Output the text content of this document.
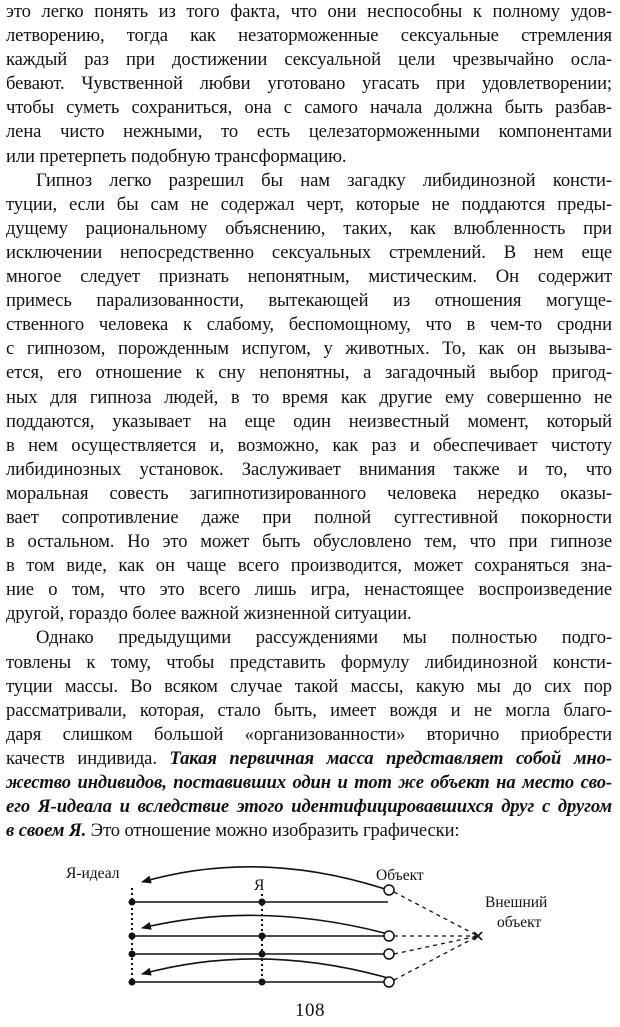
это легко понять из того факта, что они неспособны к полному удов-
летворению, тогда как незаторможенные сексуальные стремления
каждый раз при достижении сексуальной цели чрезвычайно осла-
бевают. Чувственной любви уготовано угасать при удовлетворении;
чтобы суметь сохраниться, она с самого начала должна быть разбав-
лена чисто нежными, то есть целезаторможенными компонентами
или претерпеть подобную трансформацию.

Гипноз легко разрешил бы нам загадку либидинозной консти-
туции, если бы сам не содержал черт, которые не поддаются преды-
дущему рациональному объяснению, таких, как влюбленность при
исключении непосредственно сексуальных стремлений. В нем еще
многое следует признать непонятным, мистическим. Он содержит
примесь парализованности, вытекающей из отношения могуще-
ственного человека к слабому, беспомощному, что в чем-то сродни
с гипнозом, порожденным испугом, у животных. То, как он вызыва-
ется, его отношение к сну непонятны, а загадочный выбор пригод-
ных для гипноза людей, в то время как другие ему совершенно не
поддаются, указывает на еще один неизвестный момент, который
в нем осуществляется и, возможно, как раз и обеспечивает чистоту
либидинозных установок. Заслуживает внимания также и то, что
моральная совесть загипнотизированного человека нередко оказы-
вает сопротивление даже при полной суггестивной покорности
в остальном. Но это может быть обусловлено тем, что при гипнозе
в том виде, как он чаще всего производится, может сохраняться зна-
ние о том, что это всего лишь игра, ненастоящее воспроизведение
другой, гораздо более важной жизненной ситуации.

Однако предыдущими рассуждениями мы полностью подго-
товлены к тому, чтобы представить формулу либидинозной консти-
туции массы. Во всяком случае такой массы, какую мы до сих пор
рассматривали, которая, стало быть, имеет вождя и не могла благо-
даря слишком большой «организованности» вторично приобрести
качеств индивида. Такая первичная масса представляет собой мно-
жество индивидов, поставивших один и тот же объект на место сво-
его Я-идеала и вследствие этого идентифицировавшихся друг с другом
в своем Я. Это отношение можно изобразить графически:

Я-идеал
Я
Объект
Внешний
объект
108
